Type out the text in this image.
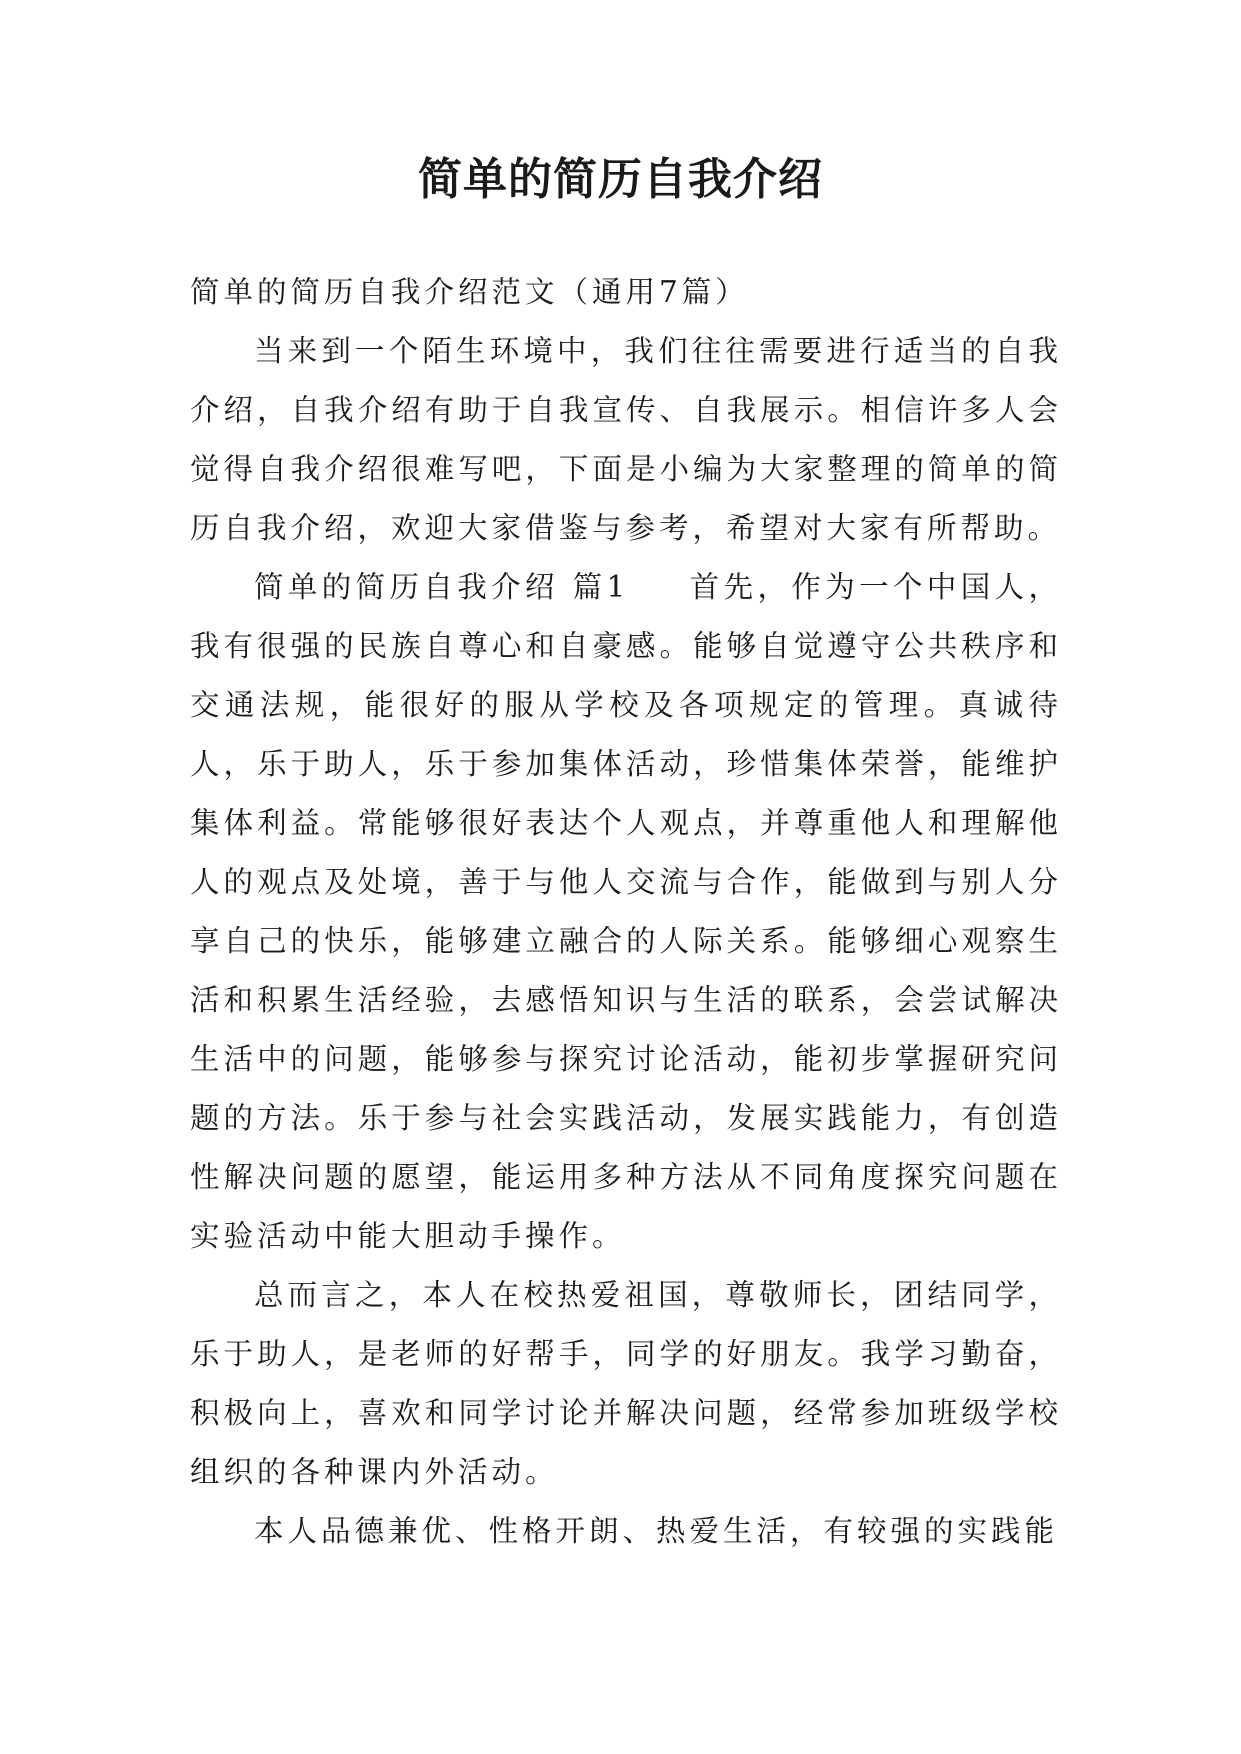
简单的简历自我介绍

简单的简历自我介绍范文（通用7篇）

当来到一个陌生环境中，我们往往需要进行适当的自我介绍，自我介绍有助于自我宣传、自我展示。相信许多人会觉得自我介绍很难写吧，下面是小编为大家整理的简单的简历自我介绍，欢迎大家借鉴与参考，希望对大家有所帮助。

简单的简历自我介绍 篇1 首先，作为一个中国人，我有很强的民族自尊心和自豪感。能够自觉遵守公共秩序和交通法规，能很好的服从学校及各项规定的管理。真诚待人，乐于助人，乐于参加集体活动，珍惜集体荣誉，能维护集体利益。常能够很好表达个人观点，并尊重他人和理解他人的观点及处境，善于与他人交流与合作，能做到与别人分享自己的快乐，能够建立融合的人际关系。能够细心观察生活和积累生活经验，去感悟知识与生活的联系，会尝试解决生活中的问题，能够参与探究讨论活动，能初步掌握研究问题的方法。乐于参与社会实践活动，发展实践能力，有创造性解决问题的愿望，能运用多种方法从不同角度探究问题在实验活动中能大胆动手操作。

总而言之，本人在校热爱祖国，尊敬师长，团结同学，乐于助人，是老师的好帮手，同学的好朋友。我学习勤奋，积极向上，喜欢和同学讨论并解决问题，经常参加班级学校组织的各种课内外活动。

本人品德兼优、性格开朗、热爱生活，有较强的实践能
